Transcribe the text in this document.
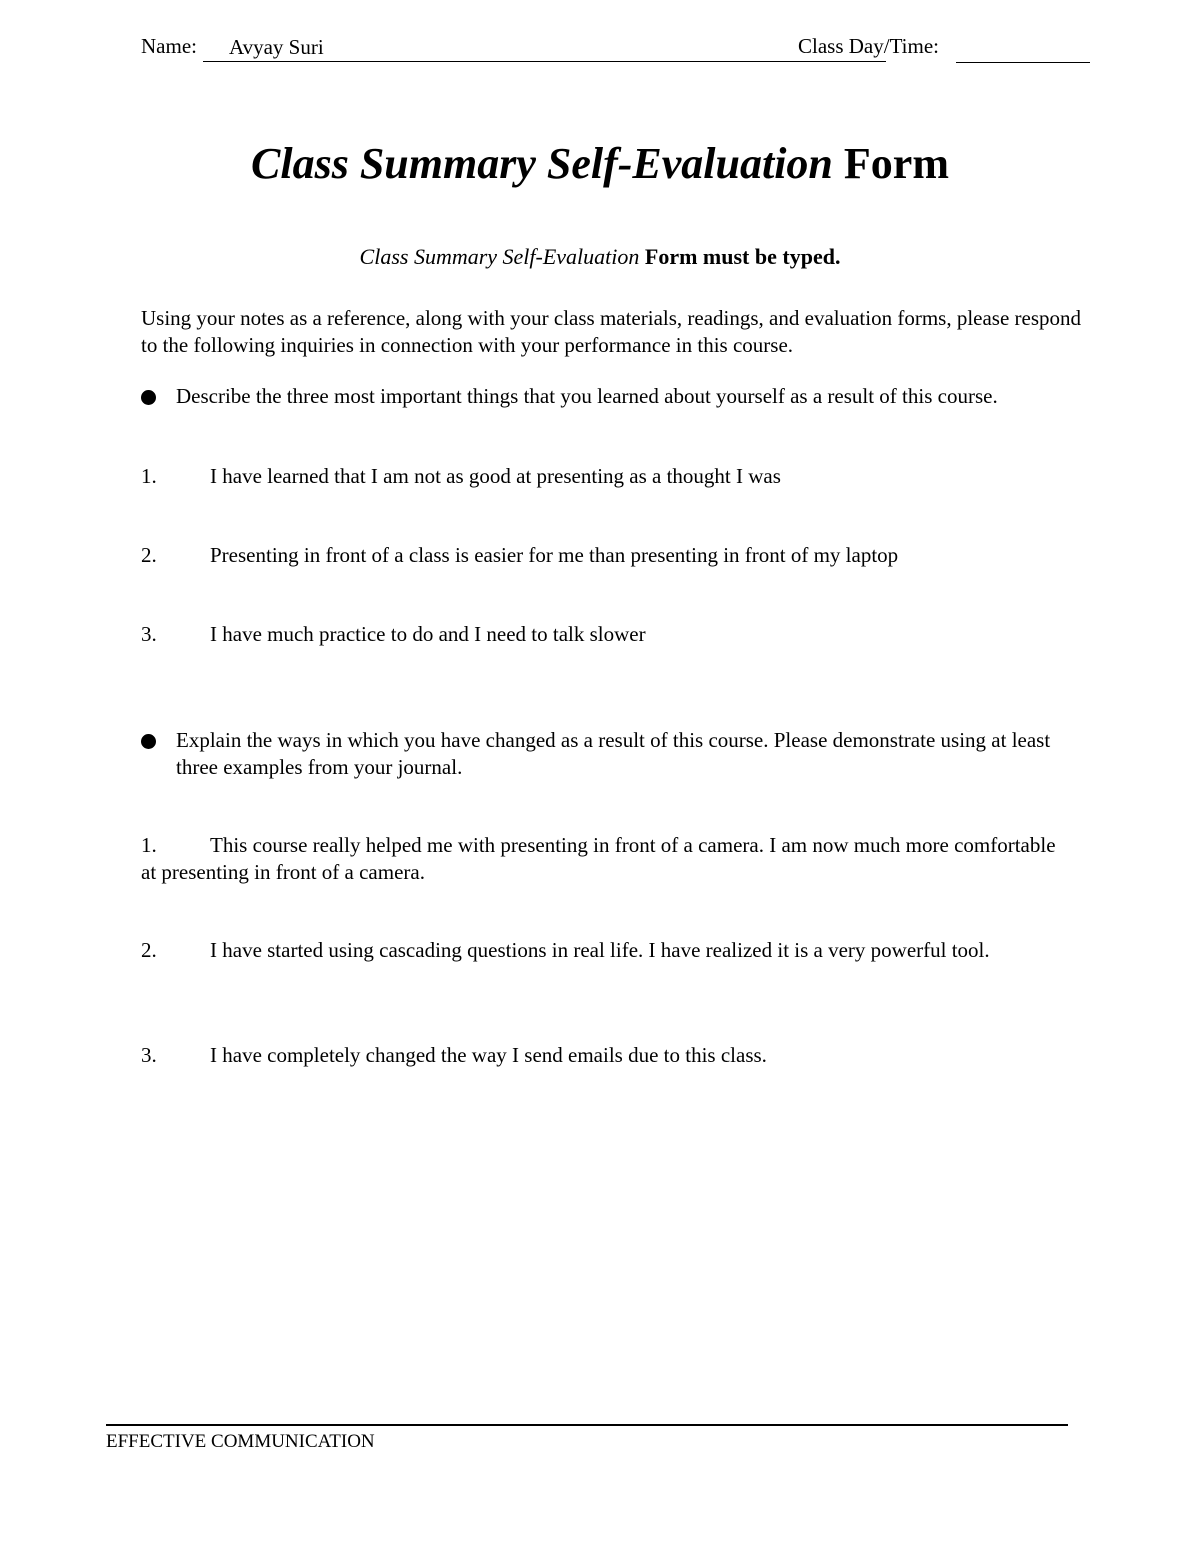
Name:	Avyay Suri	Class Day/Time:
Class Summary Self-Evaluation Form
Class Summary Self-Evaluation Form must be typed.
Using your notes as a reference, along with your class materials, readings, and evaluation forms, please respond to the following inquiries in connection with your performance in this course.
Describe the three most important things that you learned about yourself as a result of this course.
1.	I have learned that I am not as good at presenting as a thought I was
2.	Presenting in front of a class is easier for me than presenting in front of my laptop
3.	I have much practice to do and I need to talk slower
Explain the ways in which you have changed as a result of this course. Please demonstrate using at least three examples from your journal.
1.	This course really helped me with presenting in front of a camera. I am now much more comfortable at presenting in front of a camera.
2.	I have started using cascading questions in real life. I have realized it is a very powerful tool.
3.	I have completely changed the way I send emails due to this class.
EFFECTIVE COMMUNICATION
